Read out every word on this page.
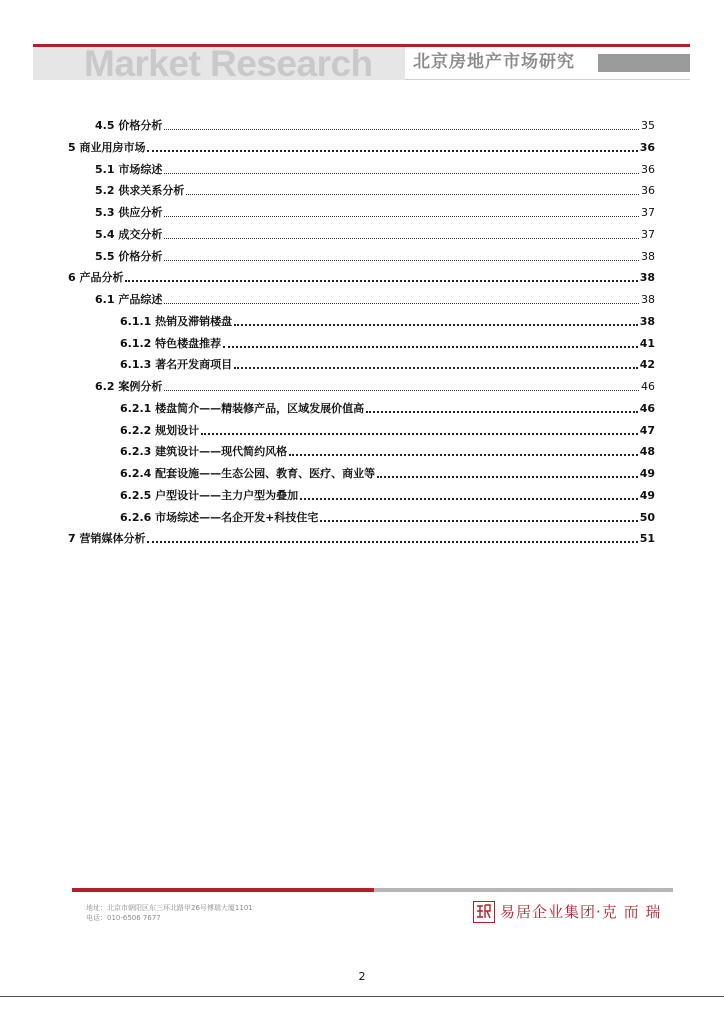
Market Research 北京房地产市场研究
4.5 价格分析	35
5 商业用房市场	36
5.1 市场综述	36
5.2 供求关系分析	36
5.3 供应分析	37
5.4 成交分析	37
5.5 价格分析	38
6 产品分析	38
6.1 产品综述	38
6.1.1 热销及滞销楼盘	38
6.1.2 特色楼盘推荐	41
6.1.3 著名开发商项目	42
6.2 案例分析	46
6.2.1 楼盘简介——精装修产品，区域发展价值高	46
6.2.2 规划设计	47
6.2.3 建筑设计——现代简约风格	48
6.2.4 配套设施——生态公园、教育、医疗、商业等	49
6.2.5 户型设计——主力户型为叠加	49
6.2.6 市场综述——名企开发+科技住宅	50
7 营销媒体分析	51
地址：北京市朝阳区东三环北路甲26号博瑞大厦1101
电话：010-6506 7677	易居企业集团·克 而 瑞
2
